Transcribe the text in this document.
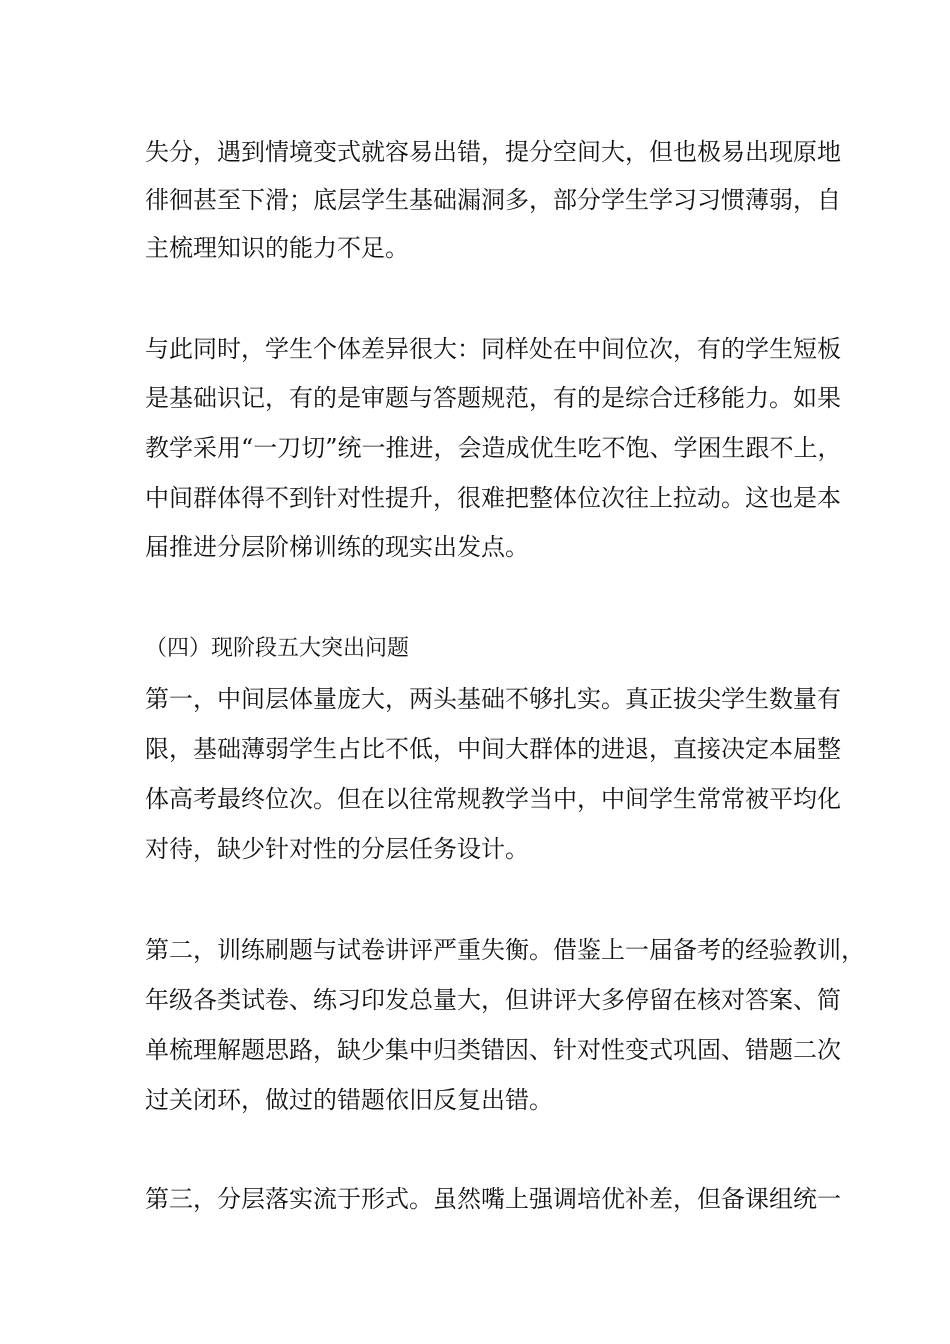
失分，遇到情境变式就容易出错，提分空间大，但也极易出现原地
徘徊甚至下滑；底层学生基础漏洞多，部分学生学习习惯薄弱，自
主梳理知识的能力不足。
与此同时，学生个体差异很大：同样处在中间位次，有的学生短板
是基础识记，有的是审题与答题规范，有的是综合迁移能力。如果
教学采用“一刀切”统一推进，会造成优生吃不饱、学困生跟不上，
中间群体得不到针对性提升，很难把整体位次往上拉动。这也是本
届推进分层阶梯训练的现实出发点。
（四）现阶段五大突出问题
第一，中间层体量庞大，两头基础不够扎实。真正拔尖学生数量有
限，基础薄弱学生占比不低，中间大群体的进退，直接决定本届整
体高考最终位次。但在以往常规教学当中，中间学生常常被平均化
对待，缺少针对性的分层任务设计。
第二，训练刷题与试卷讲评严重失衡。借鉴上一届备考的经验教训，
年级各类试卷、练习印发总量大，但讲评大多停留在核对答案、简
单梳理解题思路，缺少集中归类错因、针对性变式巩固、错题二次
过关闭环，做过的错题依旧反复出错。
第三，分层落实流于形式。虽然嘴上强调培优补差，但备课组统一
